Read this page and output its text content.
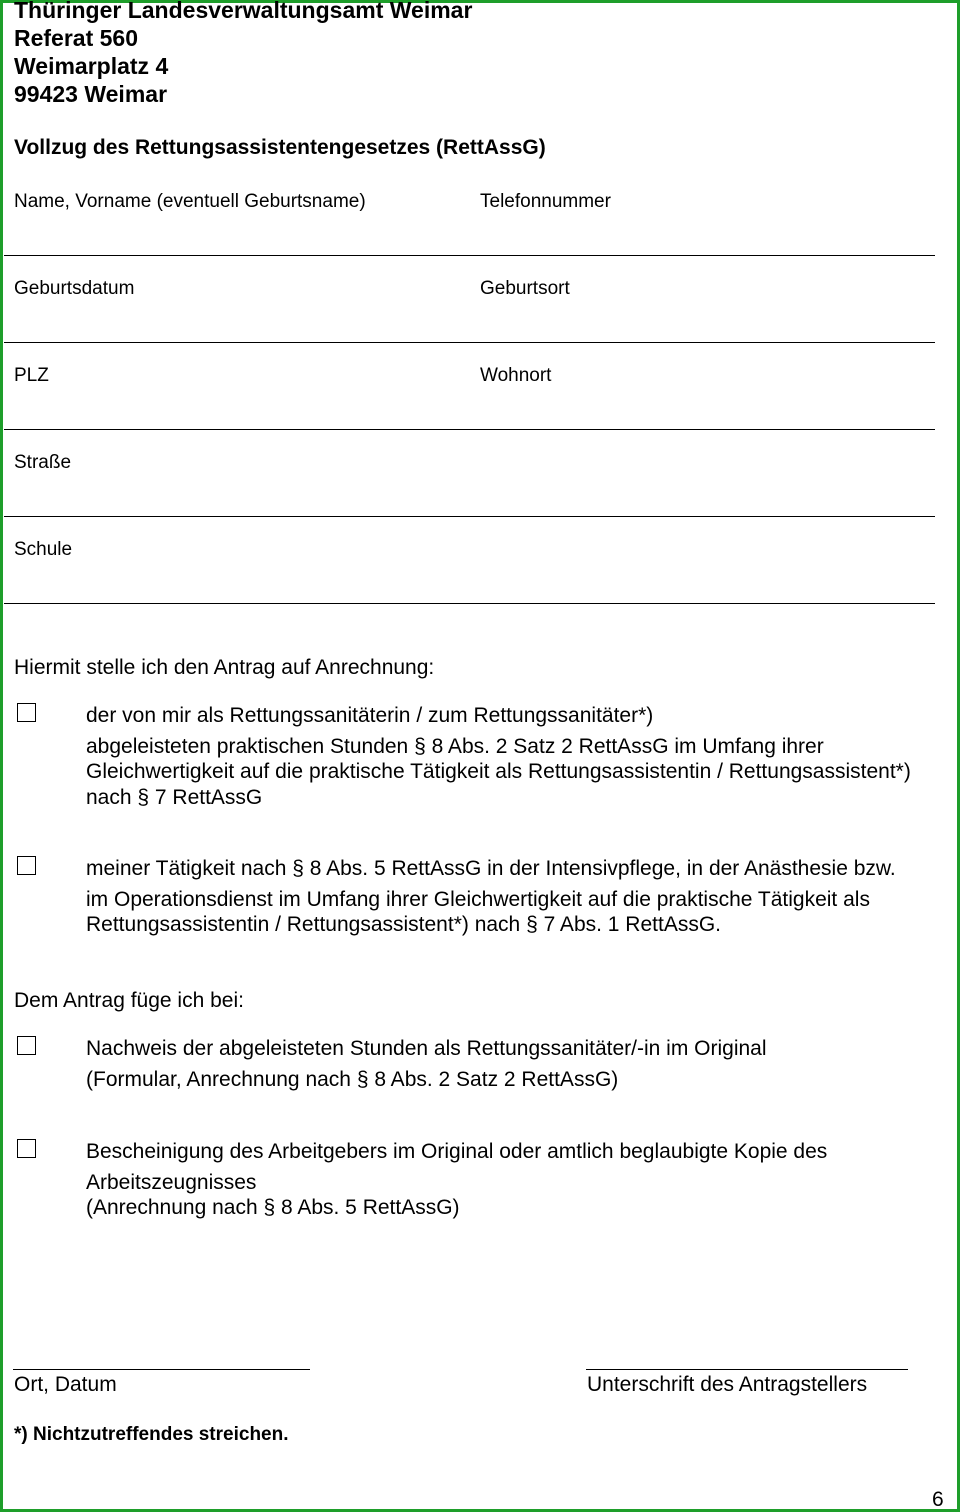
Thüringer Landesverwaltungsamt Weimar
Referat 560
Weimarplatz 4
99423 Weimar
Vollzug des Rettungsassistentengesetzes (RettAssG)
Name, Vorname (eventuell Geburtsname)	Telefonnummer
Geburtsdatum	Geburtsort
PLZ	Wohnort
Straße
Schule
Hiermit stelle ich den Antrag auf Anrechnung:
der von mir als Rettungssanitäterin / zum Rettungssanitäter*)
abgeleisteten praktischen Stunden § 8 Abs. 2 Satz 2 RettAssG im Umfang ihrer
Gleichwertigkeit auf die praktische Tätigkeit als Rettungsassistentin / Rettungsassistent*)
nach § 7 RettAssG
meiner Tätigkeit nach § 8 Abs. 5 RettAssG in der Intensivpflege, in der Anästhesie bzw.
im Operationsdienst im Umfang ihrer Gleichwertigkeit auf die praktische Tätigkeit als
Rettungsassistentin / Rettungsassistent*) nach § 7 Abs. 1 RettAssG.
Dem Antrag füge ich bei:
Nachweis der abgeleisteten Stunden als Rettungssanitäter/-in im Original
(Formular, Anrechnung nach § 8 Abs. 2 Satz 2 RettAssG)
Bescheinigung des Arbeitgebers im Original oder amtlich beglaubigte Kopie des
Arbeitszeugnisses
(Anrechnung nach § 8 Abs. 5 RettAssG)
Ort, Datum	Unterschrift des Antragstellers
*) Nichtzutreffendes streichen.
6
